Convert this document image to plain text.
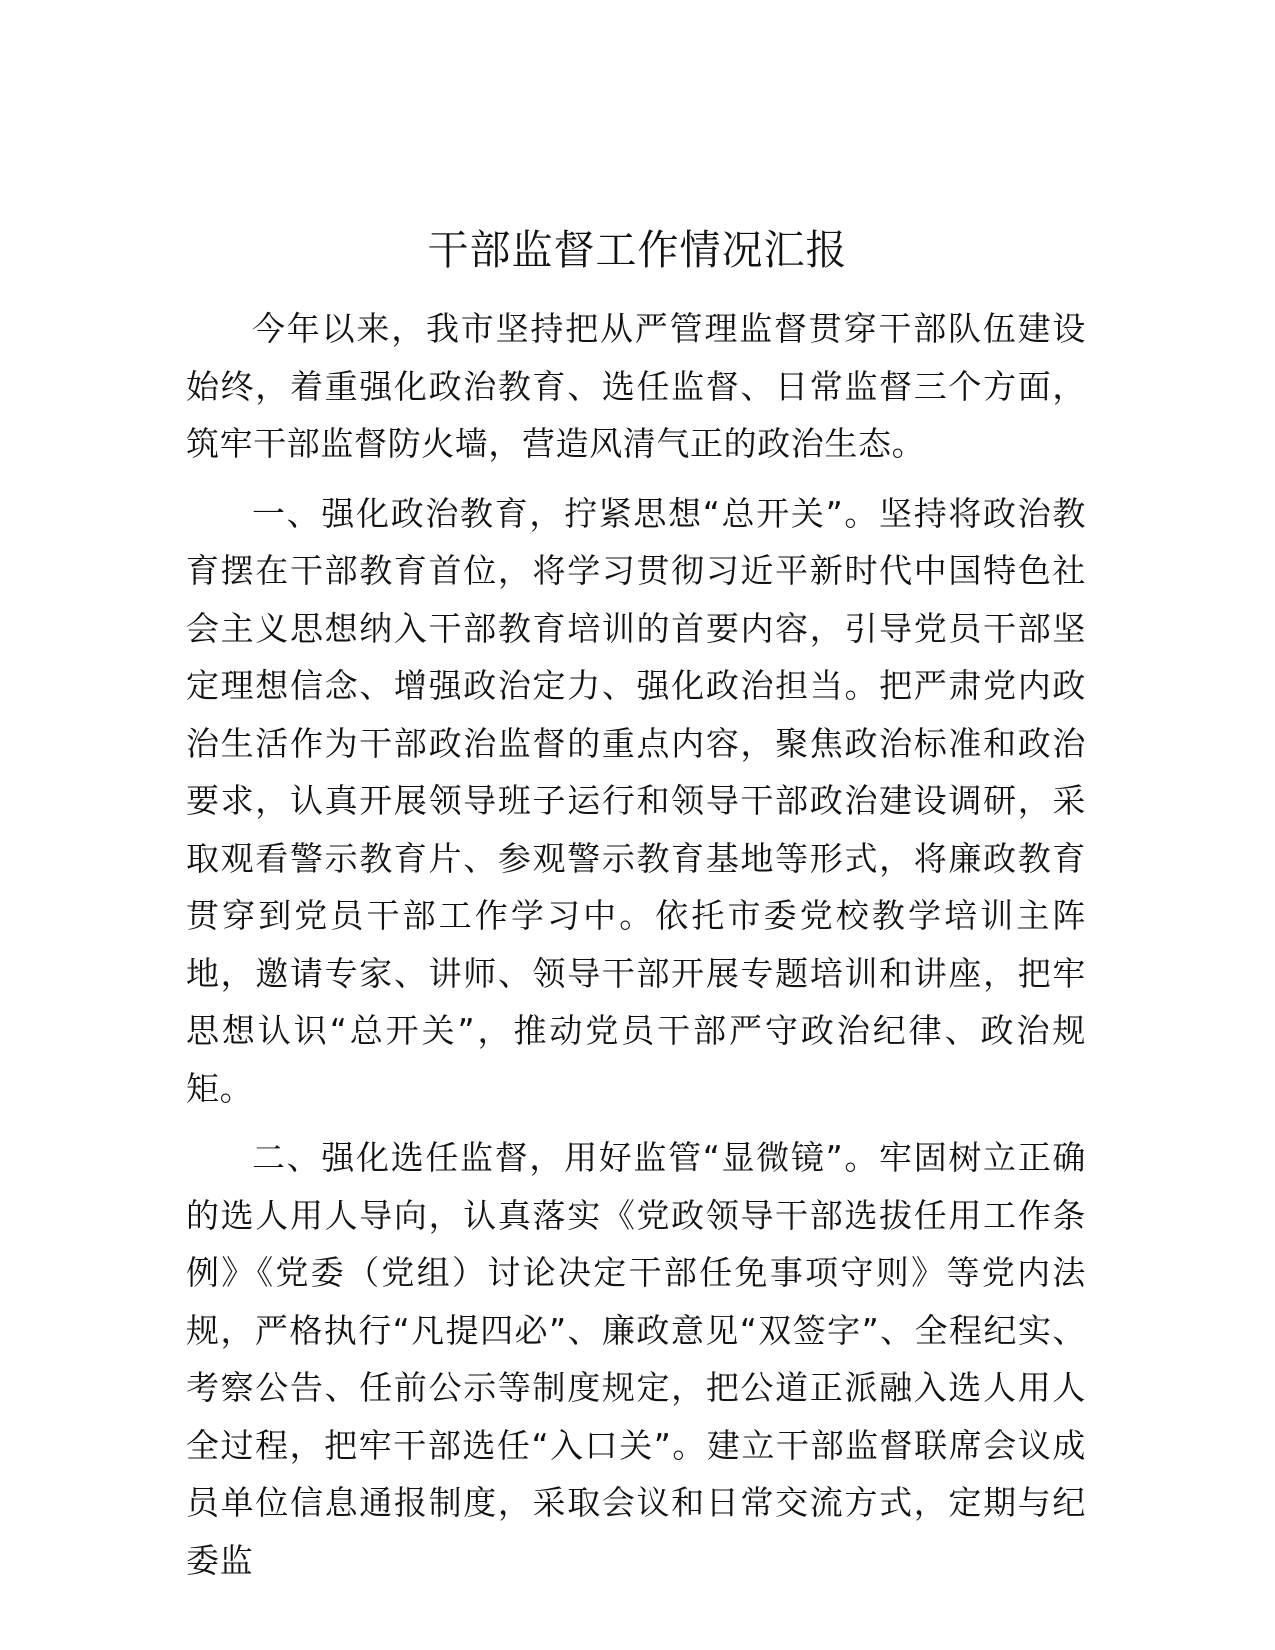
干部监督工作情况汇报

今年以来，我市坚持把从严管理监督贯穿干部队伍建设始终，着重强化政治教育、选任监督、日常监督三个方面，筑牢干部监督防火墙，营造风清气正的政治生态。

一、强化政治教育，拧紧思想“总开关”。坚持将政治教育摆在干部教育首位，将学习贯彻习近平新时代中国特色社会主义思想纳入干部教育培训的首要内容，引导党员干部坚定理想信念、增强政治定力、强化政治担当。把严肃党内政治生活作为干部政治监督的重点内容，聚焦政治标准和政治要求，认真开展领导班子运行和领导干部政治建设调研，采取观看警示教育片、参观警示教育基地等形式，将廉政教育贯穿到党员干部工作学习中。依托市委党校教学培训主阵地，邀请专家、讲师、领导干部开展专题培训和讲座，把牢思想认识“总开关”，推动党员干部严守政治纪律、政治规矩。

二、强化选任监督，用好监管“显微镜”。牢固树立正确的选人用人导向，认真落实《党政领导干部选拔任用工作条例》《党委（党组）讨论决定干部任免事项守则》等党内法规，严格执行“凡提四必”、廉政意见“双签字”、全程纪实、考察公告、任前公示等制度规定，把公道正派融入选人用人全过程，把牢干部选任“入口关”。建立干部监督联席会议成员单位信息通报制度，采取会议和日常交流方式，定期与纪委监
